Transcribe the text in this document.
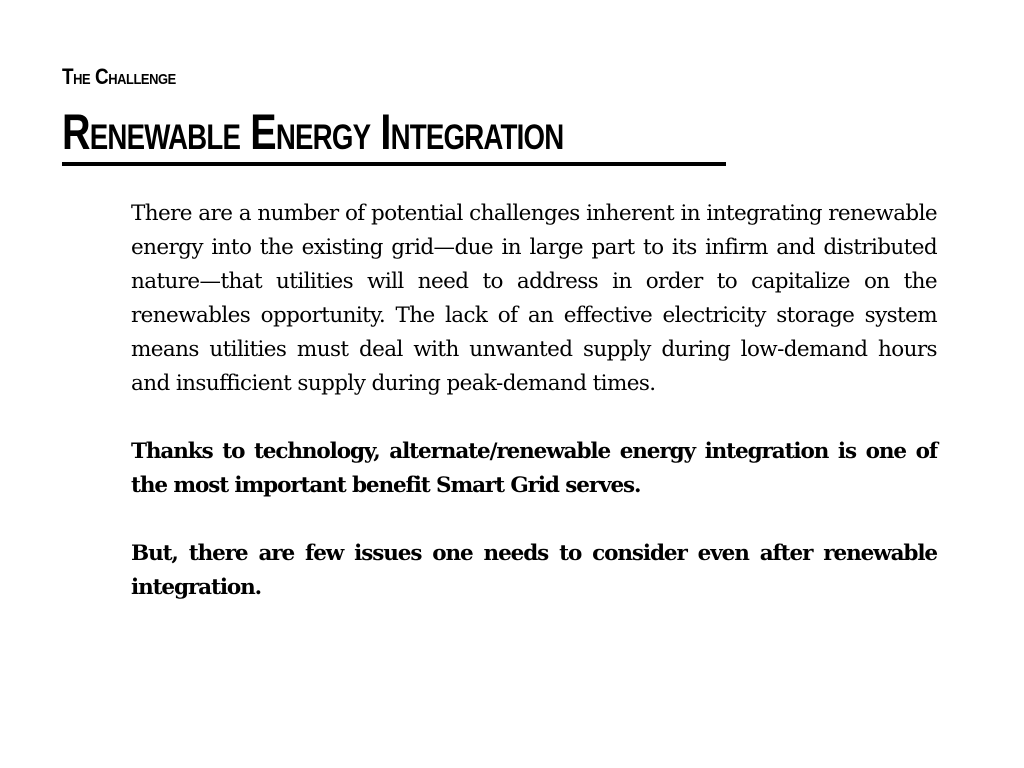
The Challenge
Renewable Energy Integration

There are a number of potential challenges inherent in integrating renewable energy into the existing grid—due in large part to its infirm and distributed nature—that utilities will need to address in order to capitalize on the renewables opportunity. The lack of an effective electricity storage system means utilities must deal with unwanted supply during low-demand hours and insufficient supply during peak-demand times.

Thanks to technology, alternate/renewable energy integration is one of the most important benefit Smart Grid serves.

But, there are few issues one needs to consider even after renewable integration.
